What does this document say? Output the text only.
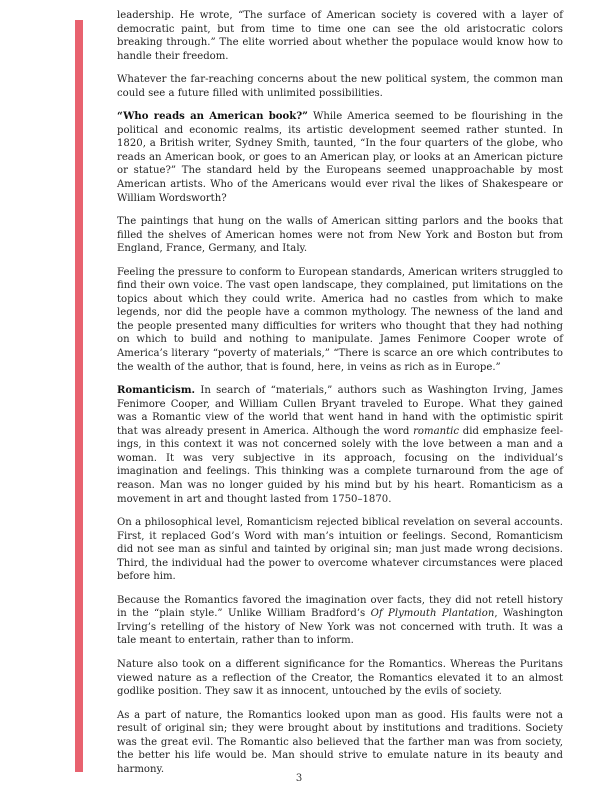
leadership. He wrote, “The surface of American society is covered with a layer of democratic paint, but from time to time one can see the old aristocratic colors breaking through.” The elite worried about whether the populace would know how to handle their freedom.

Whatever the far-reaching concerns about the new political system, the common man could see a future filled with unlimited possibilities.

“Who reads an American book?” While America seemed to be flourishing in the political and economic realms, its artistic development seemed rather stunted. In 1820, a British writer, Sydney Smith, taunted, “In the four quarters of the globe, who reads an American book, or goes to an American play, or looks at an American picture or statue?” The standard held by the Europeans seemed unapproachable by most American artists. Who of the Americans would ever rival the likes of Shakespeare or William Wordsworth?

The paintings that hung on the walls of American sitting parlors and the books that filled the shelves of American homes were not from New York and Boston but from England, France, Germany, and Italy.

Feeling the pressure to conform to European standards, American writers struggled to find their own voice. The vast open landscape, they complained, put limitations on the topics about which they could write. America had no castles from which to make legends, nor did the people have a common mythology. The newness of the land and the people presented many difficulties for writers who thought that they had nothing on which to build and nothing to manipulate. James Fenimore Cooper wrote of America’s literary “poverty of materials,” “There is scarce an ore which contributes to the wealth of the author, that is found, here, in veins as rich as in Europe.”

Romanticism. In search of “materials,” authors such as Washington Irving, James Fenimore Cooper, and William Cullen Bryant traveled to Europe. What they gained was a Romantic view of the world that went hand in hand with the optimistic spirit that was already present in America. Although the word romantic did emphasize feelings, in this context it was not concerned solely with the love between a man and a woman. It was very subjective in its approach, focusing on the individual’s imagination and feelings. This thinking was a complete turnaround from the age of reason. Man was no longer guided by his mind but by his heart. Romanticism as a movement in art and thought lasted from 1750–1870.

On a philosophical level, Romanticism rejected biblical revelation on several accounts. First, it replaced God’s Word with man’s intuition or feelings. Second, Romanticism did not see man as sinful and tainted by original sin; man just made wrong decisions. Third, the individual had the power to overcome whatever circumstances were placed before him.

Because the Romantics favored the imagination over facts, they did not retell history in the “plain style.” Unlike William Bradford’s Of Plymouth Plantation, Washington Irving’s retelling of the history of New York was not concerned with truth. It was a tale meant to entertain, rather than to inform.

Nature also took on a different significance for the Romantics. Whereas the Puritans viewed nature as a reflection of the Creator, the Romantics elevated it to an almost godlike position. They saw it as innocent, untouched by the evils of society.

As a part of nature, the Romantics looked upon man as good. His faults were not a result of original sin; they were brought about by institutions and traditions. Society was the great evil. The Romantic also believed that the farther man was from society, the better his life would be. Man should strive to emulate nature in its beauty and harmony.

3
